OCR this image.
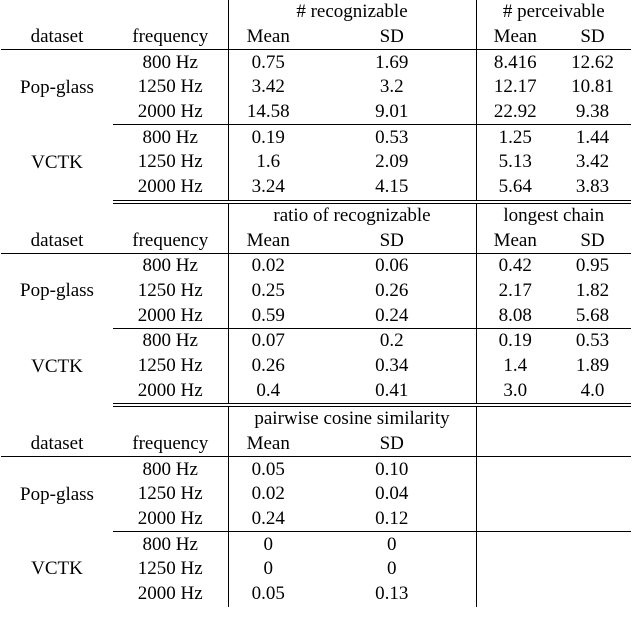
		# recognizable		# perceivable	
dataset	frequency	Mean	SD	Mean	SD
Pop-glass	800 Hz	0.75	1.69	8.416	12.62
	1250 Hz	3.42	3.2	12.17	10.81
	2000 Hz	14.58	9.01	22.92	9.38
VCTK	800 Hz	0.19	0.53	1.25	1.44
	1250 Hz	1.6	2.09	5.13	3.42
	2000 Hz	3.24	4.15	5.64	3.83
		ratio of recognizable		longest chain	
dataset	frequency	Mean	SD	Mean	SD
Pop-glass	800 Hz	0.02	0.06	0.42	0.95
	1250 Hz	0.25	0.26	2.17	1.82
	2000 Hz	0.59	0.24	8.08	5.68
VCTK	800 Hz	0.07	0.2	0.19	0.53
	1250 Hz	0.26	0.34	1.4	1.89
	2000 Hz	0.4	0.41	3.0	4.0
		pairwise cosine similarity			
dataset	frequency	Mean	SD		
Pop-glass	800 Hz	0.05	0.10		
	1250 Hz	0.02	0.04		
	2000 Hz	0.24	0.12		
VCTK	800 Hz	0	0		
	1250 Hz	0	0		
	2000 Hz	0.05	0.13		
